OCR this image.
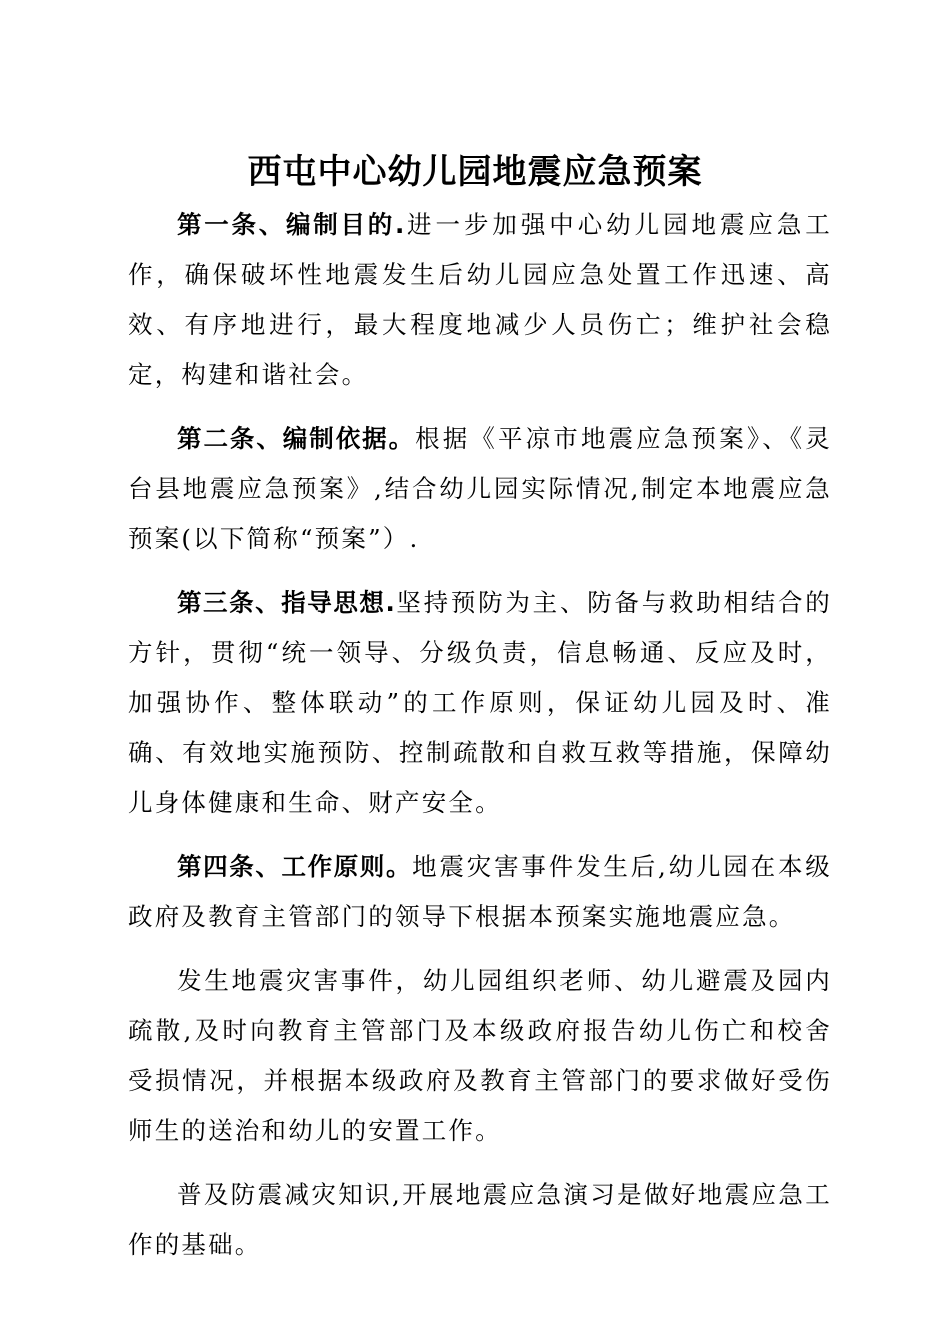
西屯中心幼儿园地震应急预案

第一条、编制目的.进一步加强中心幼儿园地震应急工作，确保破坏性地震发生后幼儿园应急处置工作迅速、高效、有序地进行，最大程度地减少人员伤亡；维护社会稳定，构建和谐社会。

第二条、编制依据。根据《平凉市地震应急预案》、《灵台县地震应急预案》,结合幼儿园实际情况,制定本地震应急预案(以下简称“预案”）.

第三条、指导思想.坚持预防为主、防备与救助相结合的方针，贯彻“统一领导、分级负责，信息畅通、反应及时，加强协作、整体联动”的工作原则，保证幼儿园及时、准确、有效地实施预防、控制疏散和自救互救等措施，保障幼儿身体健康和生命、财产安全。

第四条、工作原则。地震灾害事件发生后,幼儿园在本级政府及教育主管部门的领导下根据本预案实施地震应急。

发生地震灾害事件，幼儿园组织老师、幼儿避震及园内疏散,及时向教育主管部门及本级政府报告幼儿伤亡和校舍受损情况，并根据本级政府及教育主管部门的要求做好受伤师生的送治和幼儿的安置工作。

普及防震减灾知识,开展地震应急演习是做好地震应急工作的基础。
